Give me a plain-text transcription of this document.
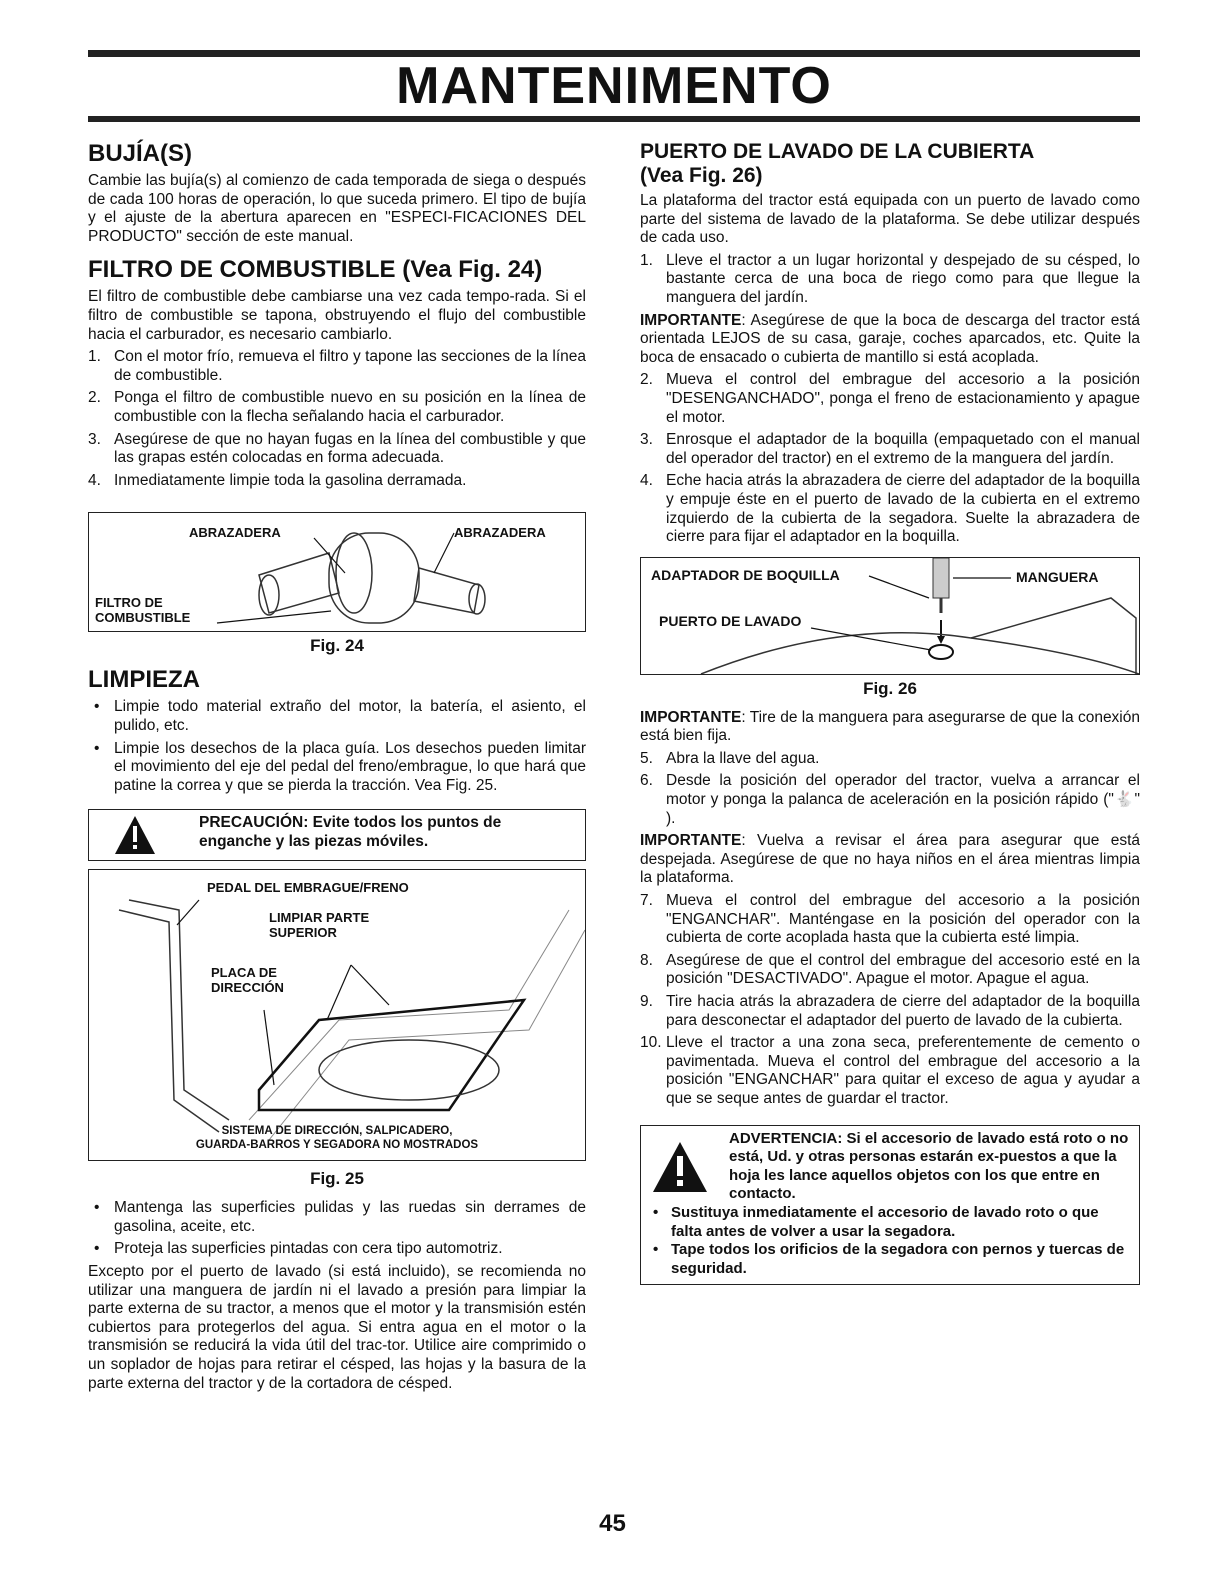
MANTENIMENTO
BUJÍA(S)

Cambie las bujía(s) al comienzo de cada temporada de siega o después de cada 100 horas de operación, lo que suceda primero. El tipo de bujía y el ajuste de la abertura aparecen en "ESPECI-FICACIONES DEL PRODUCTO" sección de este manual.

FILTRO DE COMBUSTIBLE (Vea Fig. 24)

El filtro de combustible debe cambiarse una vez cada tempo-rada. Si el filtro de combustible se tapona, obstruyendo el flujo del combustible hacia el carburador, es necesario cambiarlo.

1. Con el motor frío, remueva el filtro y tapone las secciones de la línea de combustible.
2. Ponga el filtro de combustible nuevo en su posición en la línea de combustible con la flecha señalando hacia el carburador.
3. Asegúrese de que no hayan fugas en la línea del combustible y que las grapas estén colocadas en forma adecuada.
4. Inmediatamente limpie toda la gasolina derramada.
ABRAZADERA	ABRAZADERA
FILTRO DE
COMBUSTIBLE
Fig. 24
LIMPIEZA
• Limpie todo material extraño del motor, la batería, el asiento, el pulido, etc.
• Limpie los desechos de la placa guía. Los desechos pueden limitar el movimiento del eje del pedal del freno/embrague, lo que hará que patine la correa y que se pierda la tracción. Vea Fig. 25.
PRECAUCIÓN: Evite todos los puntos de
enganche y las piezas móviles.
PEDAL DEL EMBRAGUE/FRENO
LIMPIAR PARTE
SUPERIOR
PLACA DE
DIRECCIÓN
SISTEMA DE DIRECCIÓN, SALPICADERO,
GUARDA-BARROS Y SEGADORA NO MOSTRADOS
Fig. 25
• Mantenga las superficies pulidas y las ruedas sin derrames de gasolina, aceite, etc.
• Proteja las superficies pintadas con cera tipo automotriz.

Excepto por el puerto de lavado (si está incluido), se recomienda no utilizar una manguera de jardín ni el lavado a presión para limpiar la parte externa de su tractor, a menos que el motor y la transmisión estén cubiertos para protegerlos del agua. Si entra agua en el motor o la transmisión se reducirá la vida útil del trac-tor. Utilice aire comprimido o un soplador de hojas para retirar el césped, las hojas y la basura de la parte externa del tractor y de la cortadora de césped.

PUERTO DE LAVADO DE LA CUBIERTA
(Vea Fig. 26)

La plataforma del tractor está equipada con un puerto de lavado como parte del sistema de lavado de la plataforma. Se debe utilizar después de cada uso.

1. Lleve el tractor a un lugar horizontal y despejado de su césped, lo bastante cerca de una boca de riego como para que llegue la manguera del jardín.

IMPORTANTE: Asegúrese de que la boca de descarga del tractor está orientada LEJOS de su casa, garaje, coches aparcados, etc. Quite la boca de ensacado o cubierta de mantillo si está acoplada.

2. Mueva el control del embrague del accesorio a la posición "DESENGANCHADO", ponga el freno de estacionamiento y apague el motor.
3. Enrosque el adaptador de la boquilla (empaquetado con el manual del operador del tractor) en el extremo de la manguera del jardín.
4. Eche hacia atrás la abrazadera de cierre del adaptador de la boquilla y empuje éste en el puerto de lavado de la cubierta en el extremo izquierdo de la cubierta de la segadora. Suelte la abrazadera de cierre para fijar el adaptador en la boquilla.
ADAPTADOR DE BOQUILLA	MANGUERA
PUERTO DE LAVADO
Fig. 26

IMPORTANTE: Tire de la manguera para asegurarse de que la conexión está bien fija.

5. Abra la llave del agua.
6. Desde la posición del operador del tractor, vuelva a arrancar el motor y ponga la palanca de aceleración en la posición rápido ("🐇" ).

IMPORTANTE: Vuelva a revisar el área para asegurar que está despejada. Asegúrese de que no haya niños en el área mientras limpia la plataforma.

7. Mueva el control del embrague del accesorio a la posición "ENGANCHAR". Manténgase en la posición del operador con la cubierta de corte acoplada hasta que la cubierta esté limpia.
8. Asegúrese de que el control del embrague del accesorio esté en la posición "DESACTIVADO". Apague el motor. Apague el agua.
9. Tire hacia atrás la abrazadera de cierre del adaptador de la boquilla para desconectar el adaptador del puerto de lavado de la cubierta.
10. Lleve el tractor a una zona seca, preferentemente de cemento o pavimentada. Mueva el control del embrague del accesorio a la posición "ENGANCHAR" para quitar el exceso de agua y ayudar a que se seque antes de guardar el tractor.
ADVERTENCIA: Si el accesorio de lavado está roto o no está, Ud. y otras personas estarán ex-puestos a que la hoja les lance aquellos objetos con los que entre en contacto.
• Sustituya inmediatamente el accesorio de lavado roto o que falta antes de volver a usar la segadora.
• Tape todos los orificios de la segadora con pernos y tuercas de seguridad.
45
